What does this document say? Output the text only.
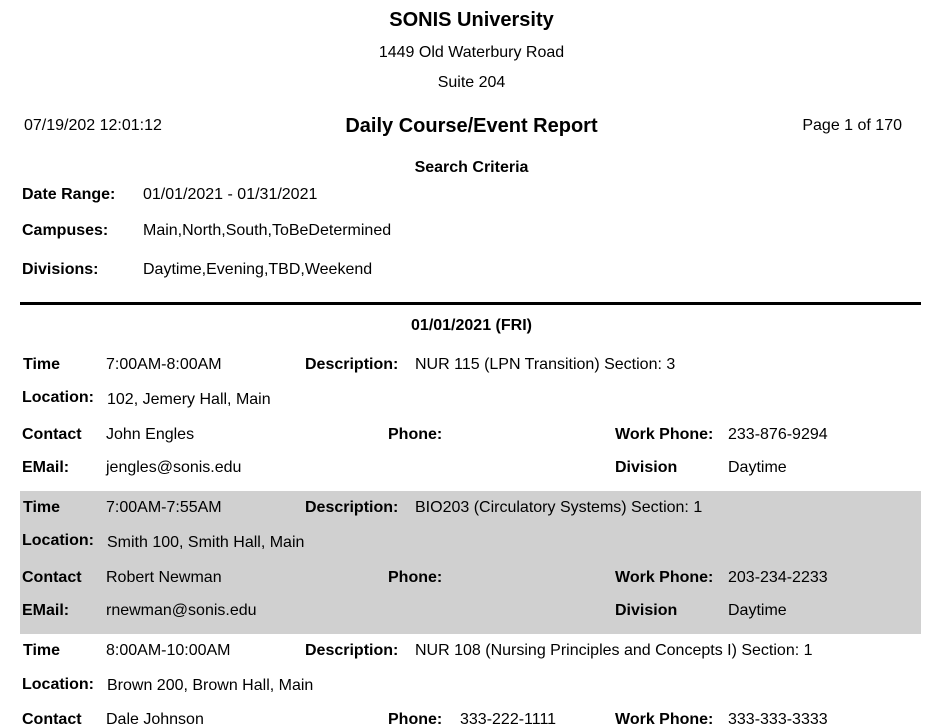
SONIS University
1449 Old Waterbury Road
Suite 204
07/19/202 12:01:12	Daily Course/Event Report	Page 1 of 170
Search Criteria
Date Range: 01/01/2021 - 01/31/2021
Campuses: Main,North,South,ToBeDetermined
Divisions:	Daytime,Evening,TBD,Weekend
01/01/2021 (FRI)
Time	7:00AM-8:00AM	Description: NUR 115 (LPN Transition) Section: 3
Location: 102, Jemery Hall, Main
Contact John Engles	Phone:	Work Phone: 233-876-9294
EMail: jengles@sonis.edu	Division	Daytime
Time	7:00AM-7:55AM	Description: BIO203 (Circulatory Systems) Section: 1
Location: Smith 100, Smith Hall, Main
Contact Robert Newman	Phone:	Work Phone: 203-234-2233
EMail: rnewman@sonis.edu	Division	Daytime
Time	8:00AM-10:00AM	Description: NUR 108 (Nursing Principles and Concepts I) Section: 1
Location: Brown 200, Brown Hall, Main
Contact Dale Johnson	Phone: 333-222-1111	Work Phone: 333-333-3333
